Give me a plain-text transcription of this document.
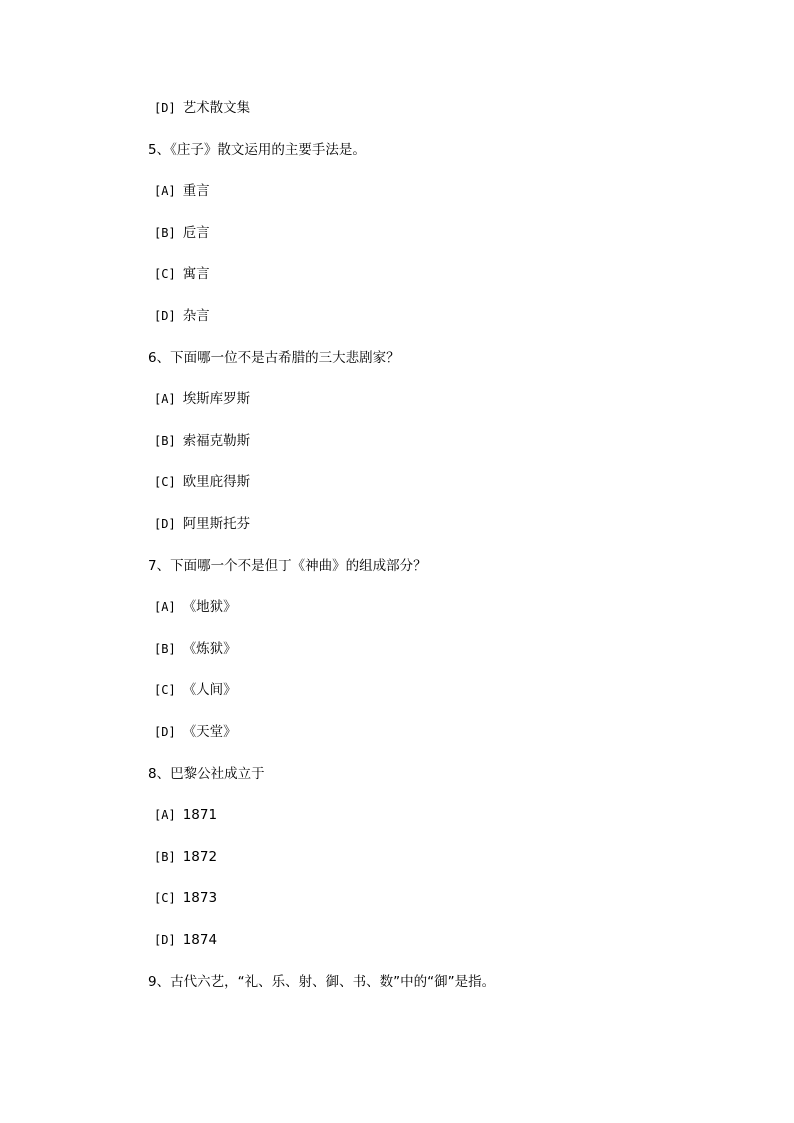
[D] 艺术散文集
5、《庄子》散文运用的主要手法是。
[A] 重言
[B] 卮言
[C] 寓言
[D] 杂言
6、下面哪一位不是古希腊的三大悲剧家？
[A] 埃斯库罗斯
[B] 索福克勒斯
[C] 欧里庇得斯
[D] 阿里斯托芬
7、下面哪一个不是但丁《神曲》的组成部分？
[A] 《地狱》
[B] 《炼狱》
[C] 《人间》
[D] 《天堂》
8、巴黎公社成立于
[A] 1871
[B] 1872
[C] 1873
[D] 1874
9、古代六艺，“礼、乐、射、御、书、数”中的“御”是指。
